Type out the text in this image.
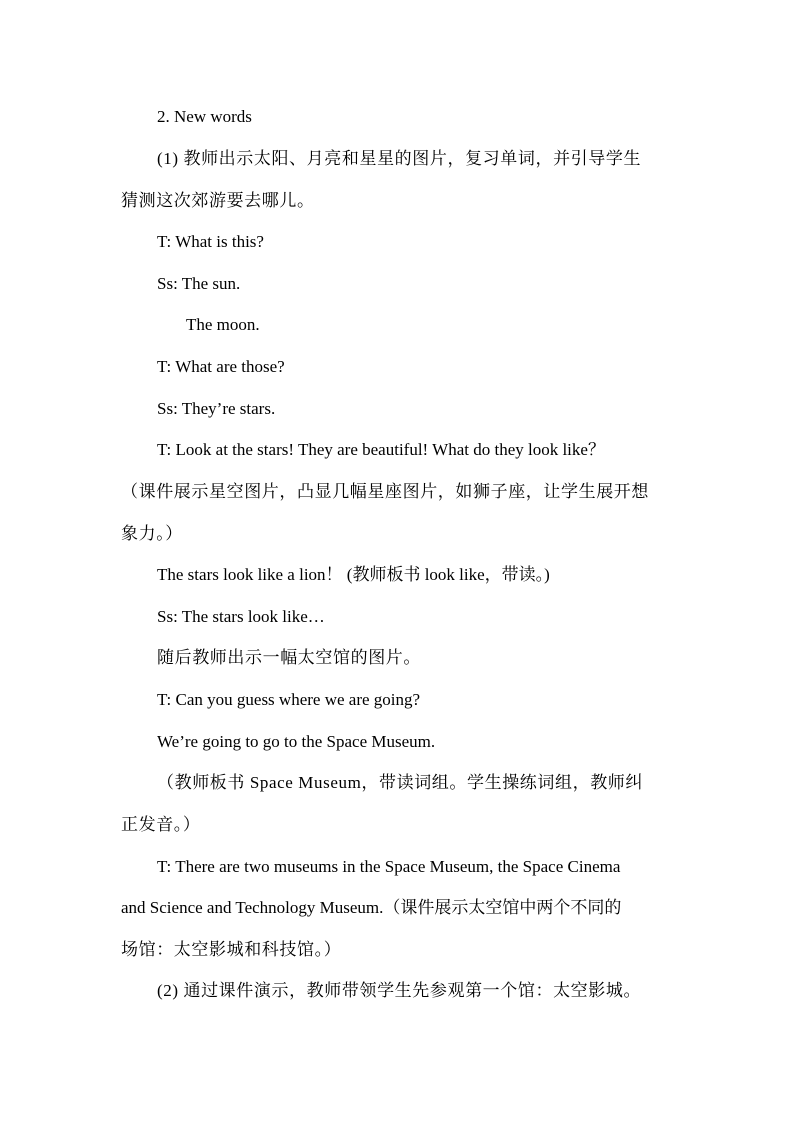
2. New words
(1) 教师出示太阳、月亮和星星的图片，复习单词，并引导学生
猜测这次郊游要去哪儿。
T: What is this?
Ss: The sun.
The moon.
T: What are those?
Ss: They’re stars.
T: Look at the stars! They are beautiful! What do they look like？
（课件展示星空图片，凸显几幅星座图片，如狮子座，让学生展开想
象力。）
The stars look like a lion！ (教师板书 look like，带读。)
Ss: The stars look like…
随后教师出示一幅太空馆的图片。
T: Can you guess where we are going?
We’re going to go to the Space Museum.
（教师板书 Space Museum，带读词组。学生操练词组，教师纠
正发音。）
T: There are two museums in the Space Museum, the Space Cinema
and Science and Technology Museum.（课件展示太空馆中两个不同的
场馆：太空影城和科技馆。）
(2) 通过课件演示，教师带领学生先参观第一个馆：太空影城。
